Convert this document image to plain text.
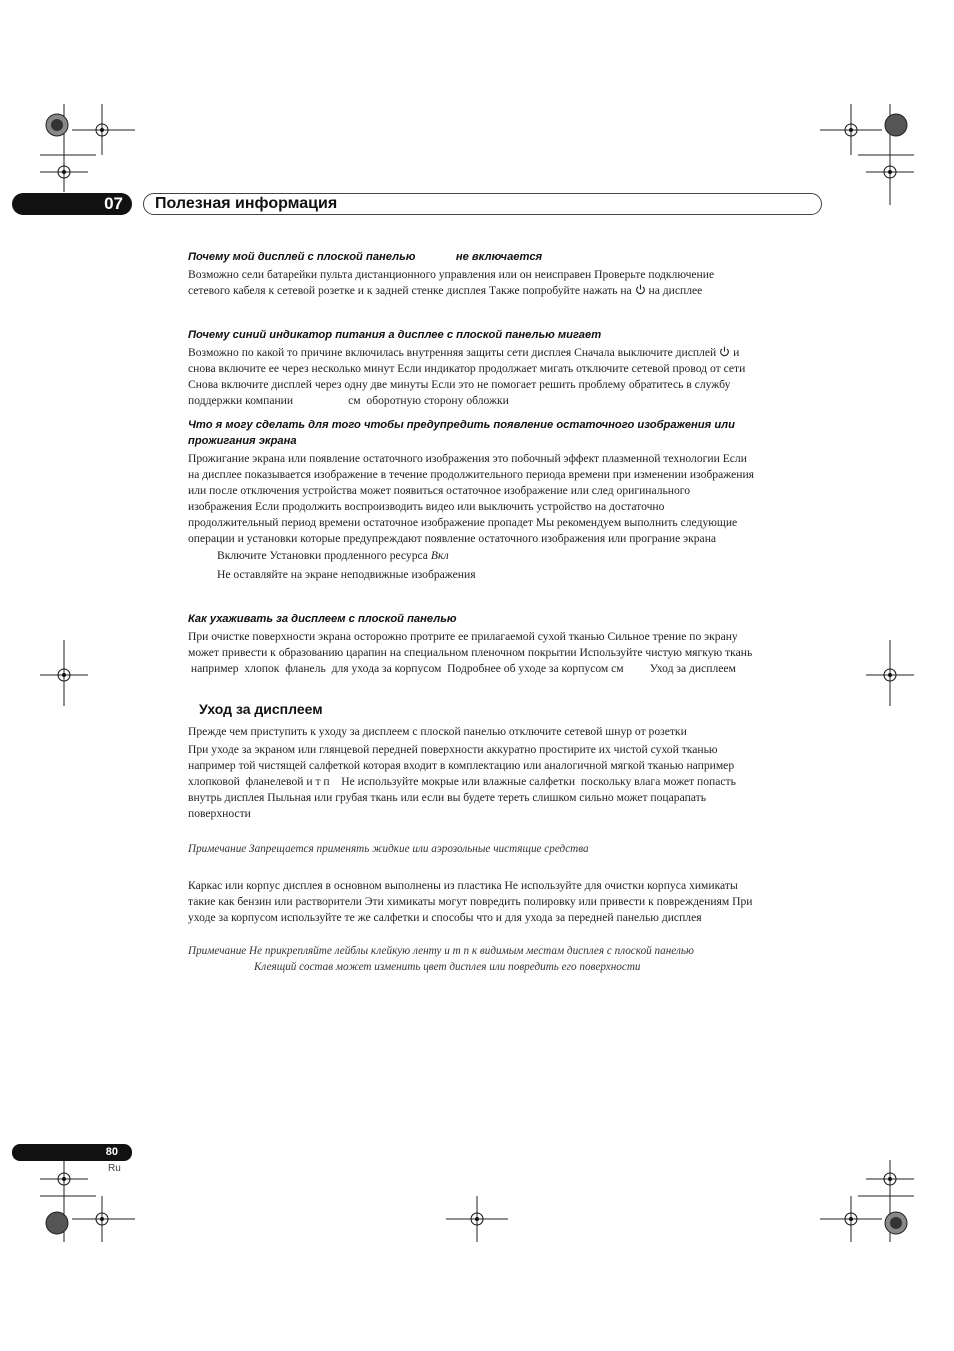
07	Полезная информация
Почему мой дисплей с плоской панелью             не включается
Возможно сели батарейки пульта дистанционного управления или он неисправен Проверьте подключение
сетевого кабеля к сетевой розетке и к задней стенке дисплея Также попробуйте нажать на на дисплее
Почему синий индикатор питания а дисплее с плоской панелью мигает
Возможно по какой то причине включилась внутренняя защиты сети дисплея Сначала выключите дисплей и
снова включите ее через несколько минут Если индикатор продолжает мигать отключите сетевой провод от сети
Снова включите дисплей через одну две минуты Если это не помогает решить проблему обратитесь в службу
поддержки компании                   см  оборотную сторону обложки
Что я могу сделать для того чтобы предупредить появление остаточного изображения или
прожигания экрана
Прожигание экрана или появление остаточного изображения это побочный эффект плазменной технологии Если
на дисплее показывается изображение в течение продолжительного периода времени при изменении изображения
или после отключения устройства может появиться остаточное изображение или след оригинального
изображения Если продолжить воспроизводить видео или выключить устройство на достаточно
продолжительный период времени остаточное изображение пропадет Мы рекомендуем выполнить следующие
операции и установки которые предупреждают появление остаточного изображения или програние экрана
Включите Установки продленного ресурса Вкл
Не оставляйте на экране неподвижные изображения
Как ухаживать за дисплеем с плоской панелью
При очистке поверхности экрана осторожно протрите ее прилагаемой сухой тканью Сильное трение по экрану
может привести к образованию царапин на специальном пленочном покрытии Используйте чистую мягкую ткань
например  хлопок  фланель  для ухода за корпусом  Подробнее об уходе за корпусом см         Уход за дисплеем
Уход за дисплеем
Прежде чем приступить к уходу за дисплеем с плоской панелью отключите сетевой шнур от розетки
При уходе за экраном или глянцевой передней поверхности аккуратно простирите их чистой сухой тканью
например той чистящей салфеткой которая входит в комплектацию или аналогичной мягкой тканью например
хлопковой  фланелевой и т п    Не используйте мокрые или влажные салфетки  поскольку влага может попасть
внутрь дисплея Пыльная или грубая ткань или если вы будете тереть слишком сильно может поцарапать
поверхности
Примечание Запрещается применять жидкие или аэрозольные чистящие средства
Каркас или корпус дисплея в основном выполнены из пластика Не используйте для очистки корпуса химикаты
такие как бензин или растворители Эти химикаты могут повредить полировку или привести к повреждениям При
уходе за корпусом используйте те же салфетки и способы что и для ухода за передней панелью дисплея
Примечание Не прикрепляйте лейблы клейкую ленту и т п к видимым местам дисплея с плоской панелью
Клеящий состав может изменить цвет дисплея или повредить его поверхности
80
Ru
